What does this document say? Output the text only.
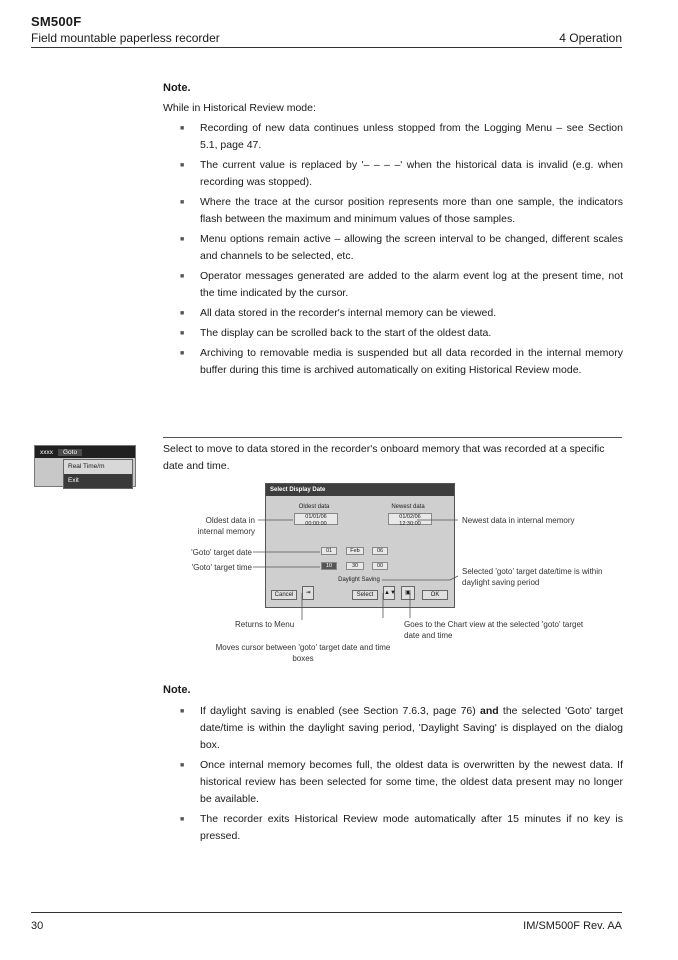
SM500F
Field mountable paperless recorder	4 Operation
Note.
While in Historical Review mode:
■ Recording of new data continues unless stopped from the Logging Menu – see Section 5.1, page 47.
■ The current value is replaced by '– – – –' when the historical data is invalid (e.g. when recording was stopped).
■ Where the trace at the cursor position represents more than one sample, the indicators flash between the maximum and minimum values of those samples.
■ Menu options remain active – allowing the screen interval to be changed, different scales and channels to be selected, etc.
■ Operator messages generated are added to the alarm event log at the present time, not the time indicated by the cursor.
■ All data stored in the recorder's internal memory can be viewed.
■ The display can be scrolled back to the start of the oldest data.
■ Archiving to removable media is suspended but all data recorded in the internal memory buffer during this time is archived automatically on exiting Historical Review mode.
xxxx	Goto
Real Time/m
Exit
Select to move to data stored in the recorder's onboard memory that was recorded at a specific date and time.
Select Display Date
Oldest data
01/01/06 00:00:00
Newest data
01/02/06 12:30:00
01	Feb	06
10	30	00
Daylight Saving
Cancel	⇥	Select	▲▼	▣	OK
Oldest data in internal memory
'Goto' target date
'Goto' target time
Newest data in internal memory
Selected 'goto' target date/time is within daylight saving period
Returns to Menu
Moves cursor between 'goto' target date and time boxes
Goes to the Chart view at the selected 'goto' target date and time
Note.
■ If daylight saving is enabled (see Section 7.6.3, page 76) and the selected 'Goto' target date/time is within the daylight saving period, 'Daylight Saving' is displayed on the dialog box.
■ Once internal memory becomes full, the oldest data is overwritten by the newest data. If historical review has been selected for some time, the oldest data present may no longer be available.
■ The recorder exits Historical Review mode automatically after 15 minutes if no key is pressed.
30	IM/SM500F Rev. AA
